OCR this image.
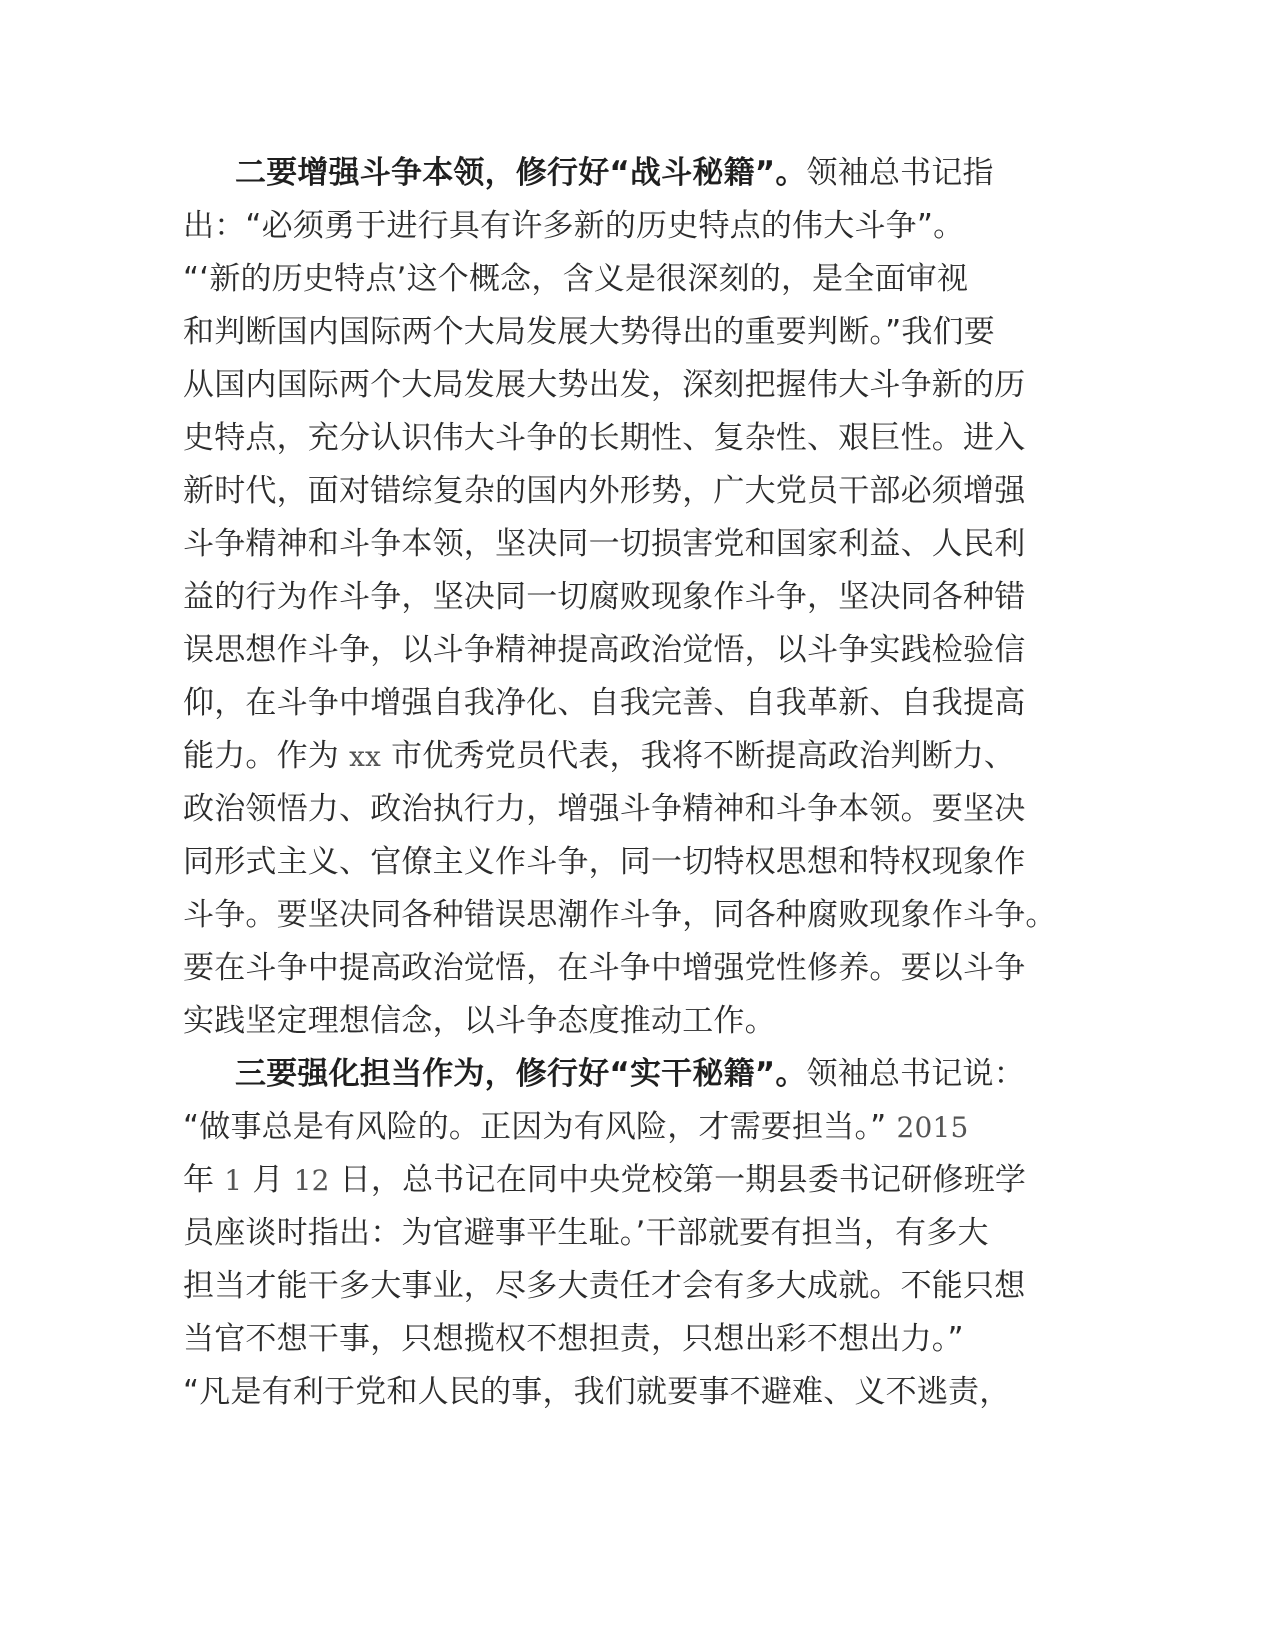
二要增强斗争本领，修行好“战斗秘籍”。领袖总书记指
出：“必须勇于进行具有许多新的历史特点的伟大斗争”。
“‘新的历史特点’这个概念，含义是很深刻的，是全面审视
和判断国内国际两个大局发展大势得出的重要判断。”我们要
从国内国际两个大局发展大势出发，深刻把握伟大斗争新的历
史特点，充分认识伟大斗争的长期性、复杂性、艰巨性。进入
新时代，面对错综复杂的国内外形势，广大党员干部必须增强
斗争精神和斗争本领，坚决同一切损害党和国家利益、人民利
益的行为作斗争，坚决同一切腐败现象作斗争，坚决同各种错
误思想作斗争，以斗争精神提高政治觉悟，以斗争实践检验信
仰，在斗争中增强自我净化、自我完善、自我革新、自我提高
能力。作为 xx 市优秀党员代表，我将不断提高政治判断力、
政治领悟力、政治执行力，增强斗争精神和斗争本领。要坚决
同形式主义、官僚主义作斗争，同一切特权思想和特权现象作
斗争。要坚决同各种错误思潮作斗争，同各种腐败现象作斗争。
要在斗争中提高政治觉悟，在斗争中增强党性修养。要以斗争
实践坚定理想信念，以斗争态度推动工作。
三要强化担当作为，修行好“实干秘籍”。领袖总书记说：
“做事总是有风险的。正因为有风险，才需要担当。” 2015
年 1 月 12 日，总书记在同中央党校第一期县委书记研修班学
员座谈时指出：为官避事平生耻。’干部就要有担当，有多大
担当才能干多大事业，尽多大责任才会有多大成就。不能只想
当官不想干事，只想揽权不想担责，只想出彩不想出力。”
“凡是有利于党和人民的事，我们就要事不避难、义不逃责，
